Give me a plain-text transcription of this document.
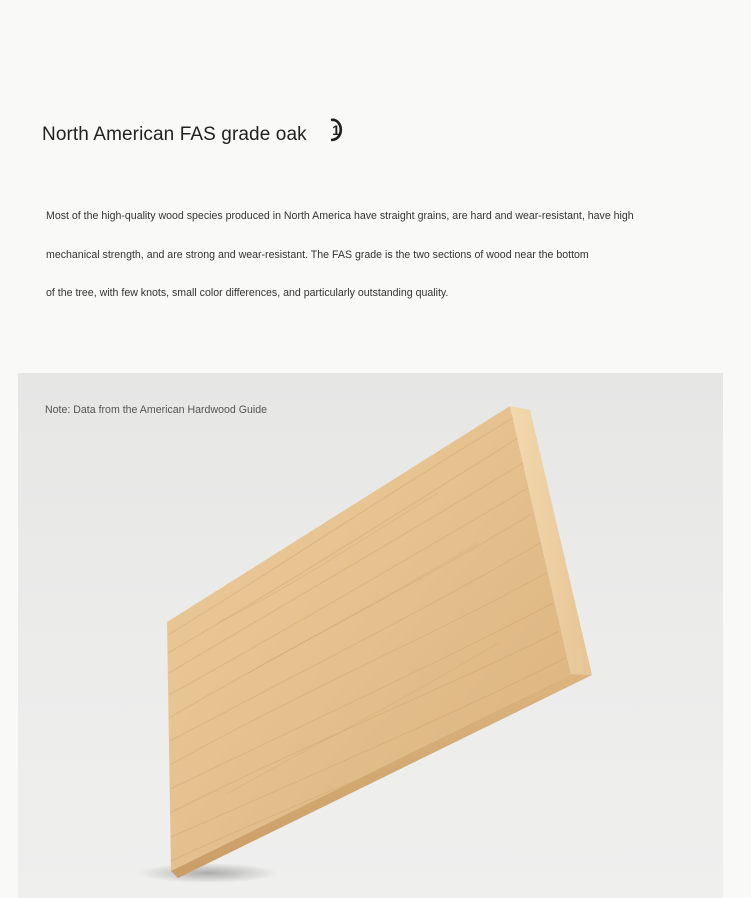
North American FAS grade oak 1

Most of the high-quality wood species produced in North America have straight grains, are hard and wear-resistant, have high

mechanical strength, and are strong and wear-resistant. The FAS grade is the two sections of wood near the bottom

of the tree, with few knots, small color differences, and particularly outstanding quality.

Note: Data from the American Hardwood Guide
